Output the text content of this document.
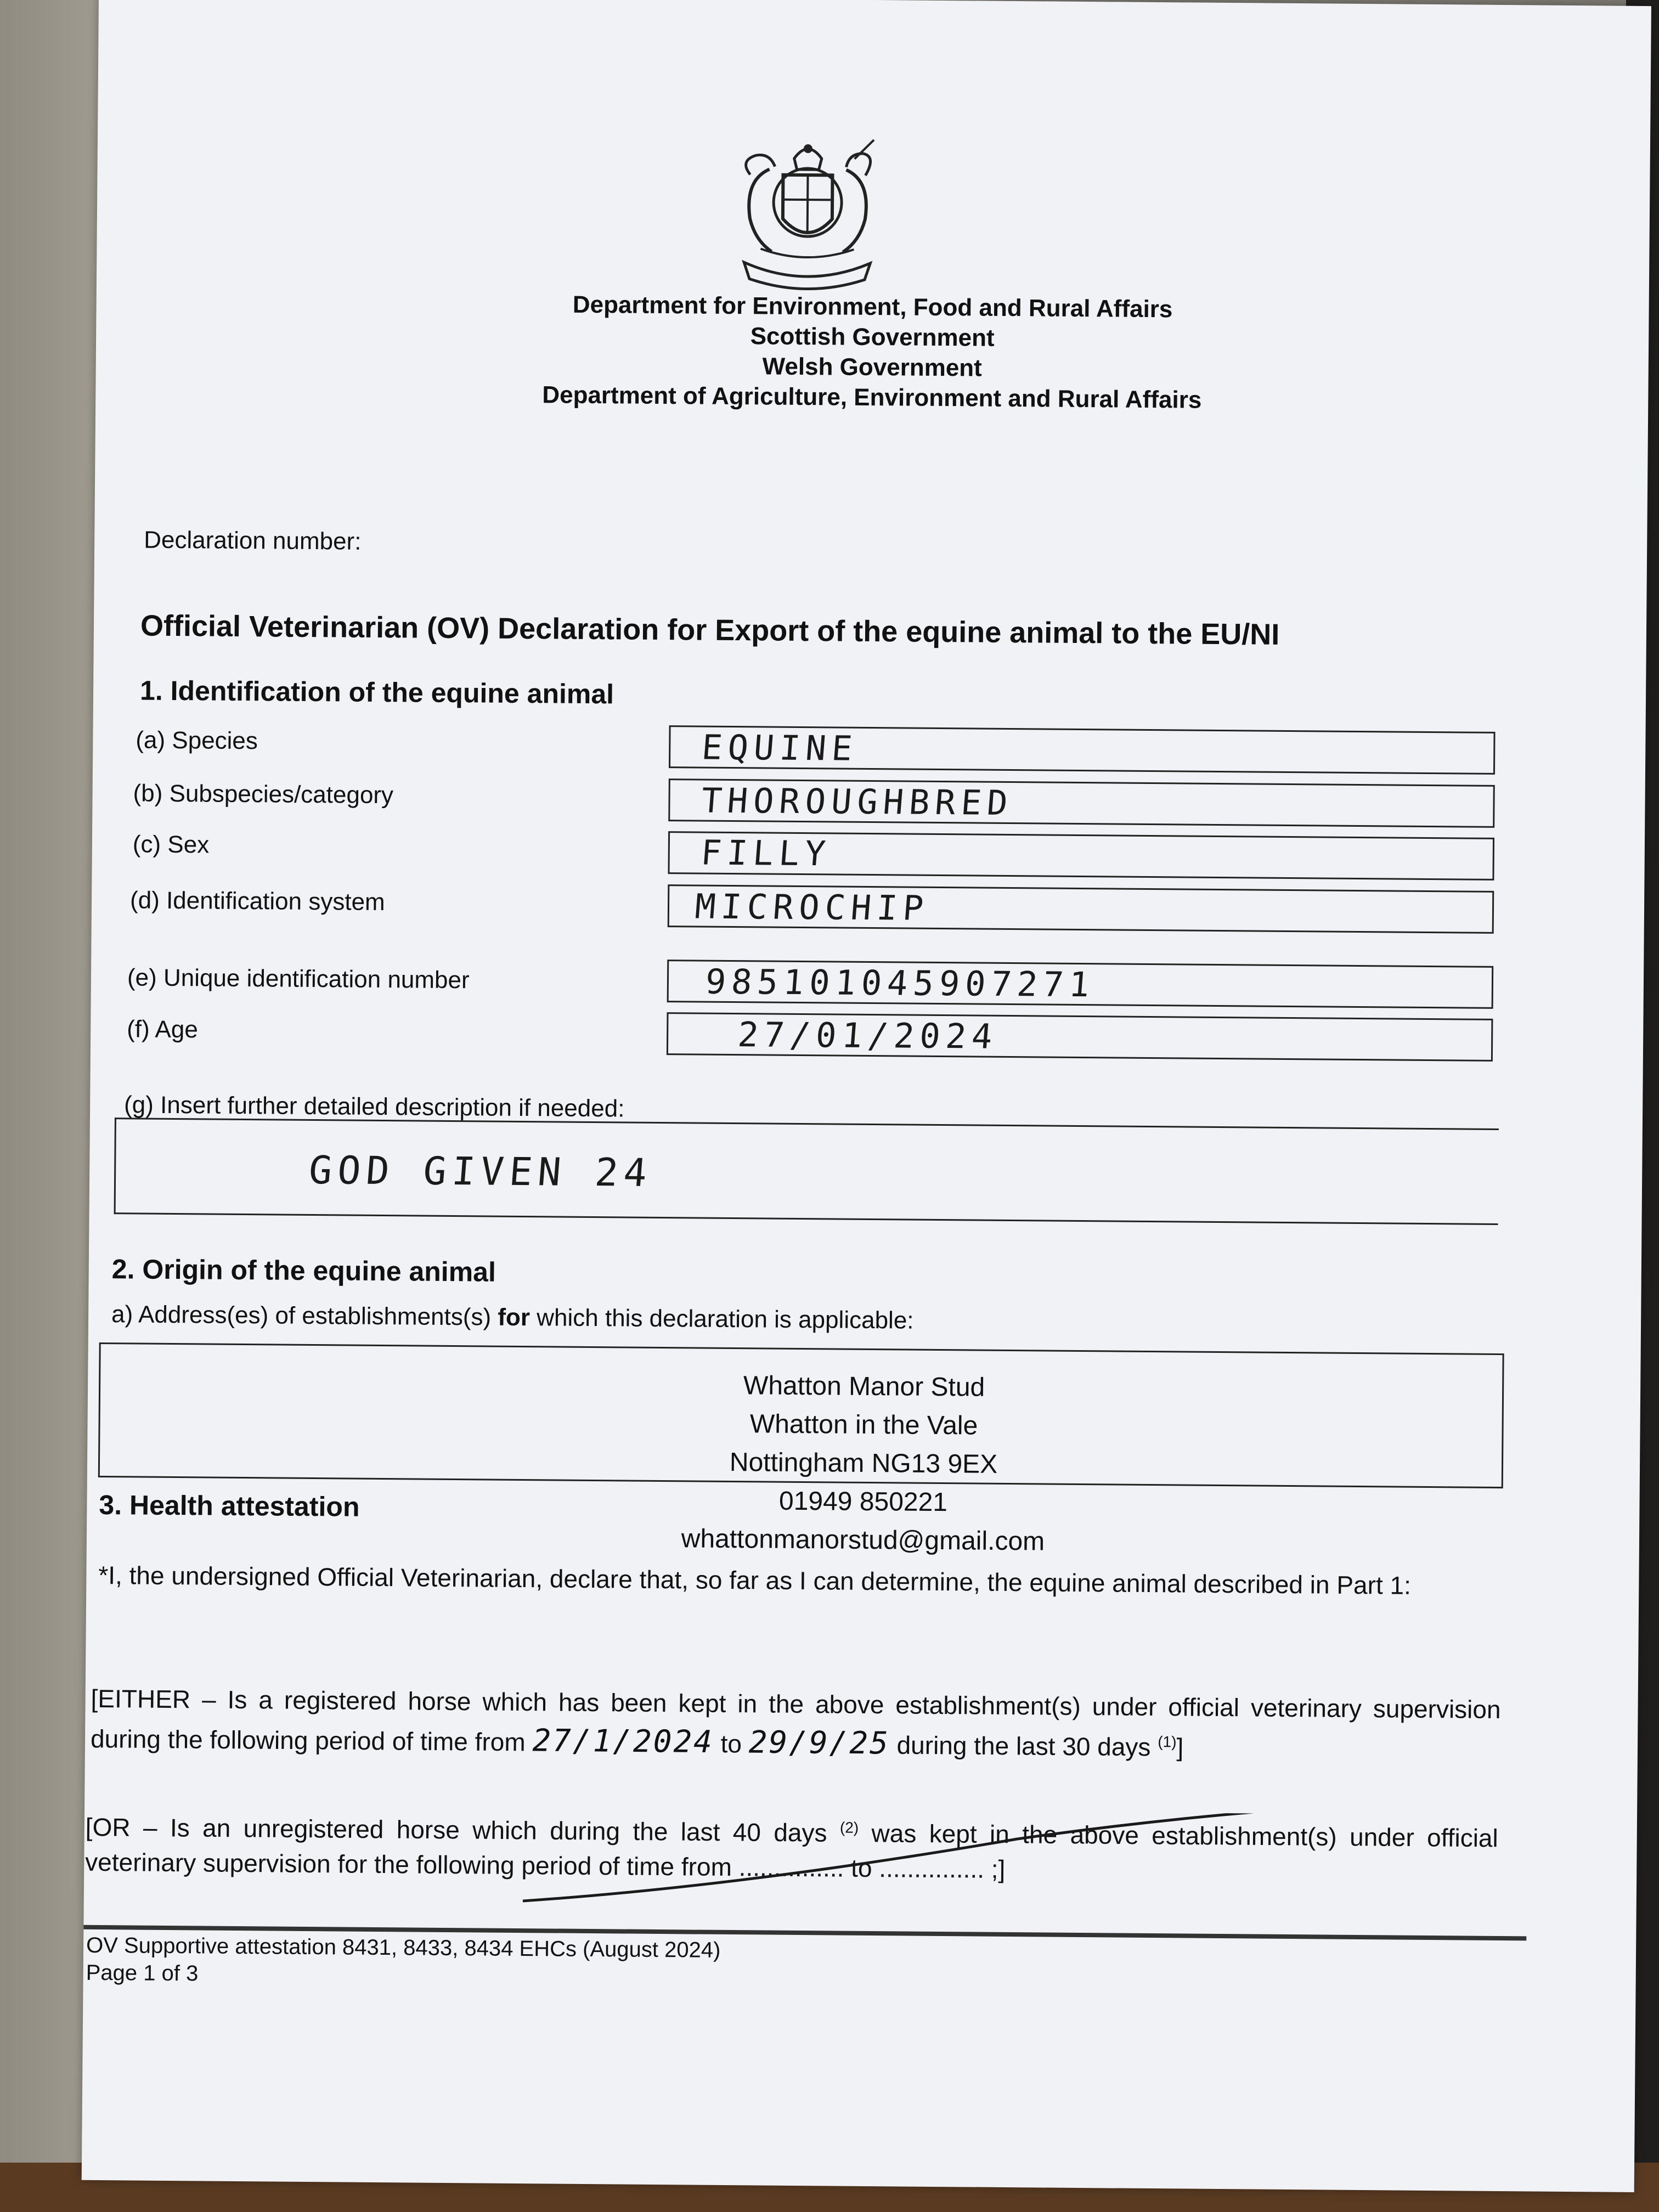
Department for Environment, Food and Rural Affairs
Scottish Government
Welsh Government
Department of Agriculture, Environment and Rural Affairs
Declaration number:
Official Veterinarian (OV) Declaration for Export of the equine animal to the EU/NI
1. Identification of the equine animal
(a) Species	EQUINE
(b) Subspecies/category	THOROUGHBRED
(c) Sex	FILLY
(d) Identification system	MICROCHIP
(e) Unique identification number	985101045907271
(f) Age	27/01/2024
(g) Insert further detailed description if needed:
GOD GIVEN 24
2. Origin of the equine animal
a) Address(es) of establishments(s) for which this declaration is applicable:
Whatton Manor Stud
Whatton in the Vale
Nottingham NG13 9EX
01949 850221
whattonmanorstud@gmail.com
3. Health attestation
*I, the undersigned Official Veterinarian, declare that, so far as I can determine, the equine animal described in Part 1:
[EITHER – Is a registered horse which has been kept in the above establishment(s) under official veterinary supervision during the following period of time from 27/1/2024 to 29/9/25 during the last 30 days $^{(1)}$]
[OR – Is an unregistered horse which during the last 40 days $^{(2)}$ was kept in the above establishment(s) under official veterinary supervision for the following period of time from ............... to ............... ;]
OV Supportive attestation 8431, 8433, 8434 EHCs (August 2024)
Page 1 of 3
